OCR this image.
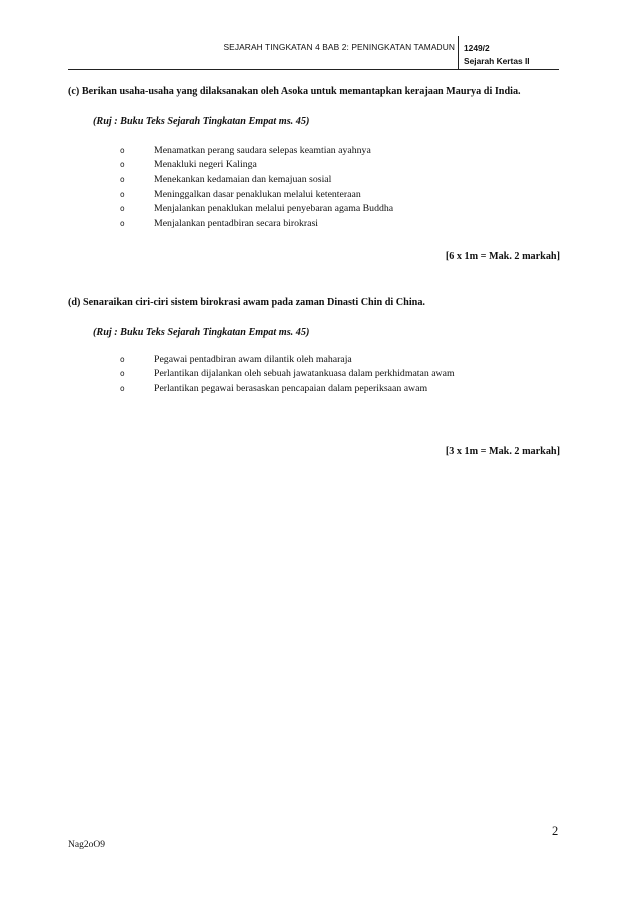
SEJARAH TINGKATAN 4 BAB 2: PENINGKATAN TAMADUN 1249/2
Sejarah Kertas II
(c) Berikan usaha-usaha yang dilaksanakan oleh Asoka untuk memantapkan kerajaan Maurya di India.
(Ruj : Buku Teks Sejarah Tingkatan Empat ms. 45)
o	Menamatkan perang saudara selepas keamtian ayahnya
o	Menakluki negeri Kalinga
o	Menekankan kedamaian dan kemajuan sosial
o	Meninggalkan dasar penaklukan melalui ketenteraan
o	Menjalankan penaklukan melalui penyebaran agama Buddha
o	Menjalankan pentadbiran secara birokrasi
[6 x 1m = Mak. 2 markah]
(d) Senaraikan ciri-ciri sistem birokrasi awam pada zaman Dinasti Chin di China.
(Ruj : Buku Teks Sejarah Tingkatan Empat ms. 45)
o	Pegawai pentadbiran awam dilantik oleh maharaja
o	Perlantikan dijalankan oleh sebuah jawatankuasa dalam perkhidmatan awam
o	Perlantikan pegawai berasaskan pencapaian dalam peperiksaan awam
[3 x 1m = Mak. 2 markah]
2
Nag2oO9
